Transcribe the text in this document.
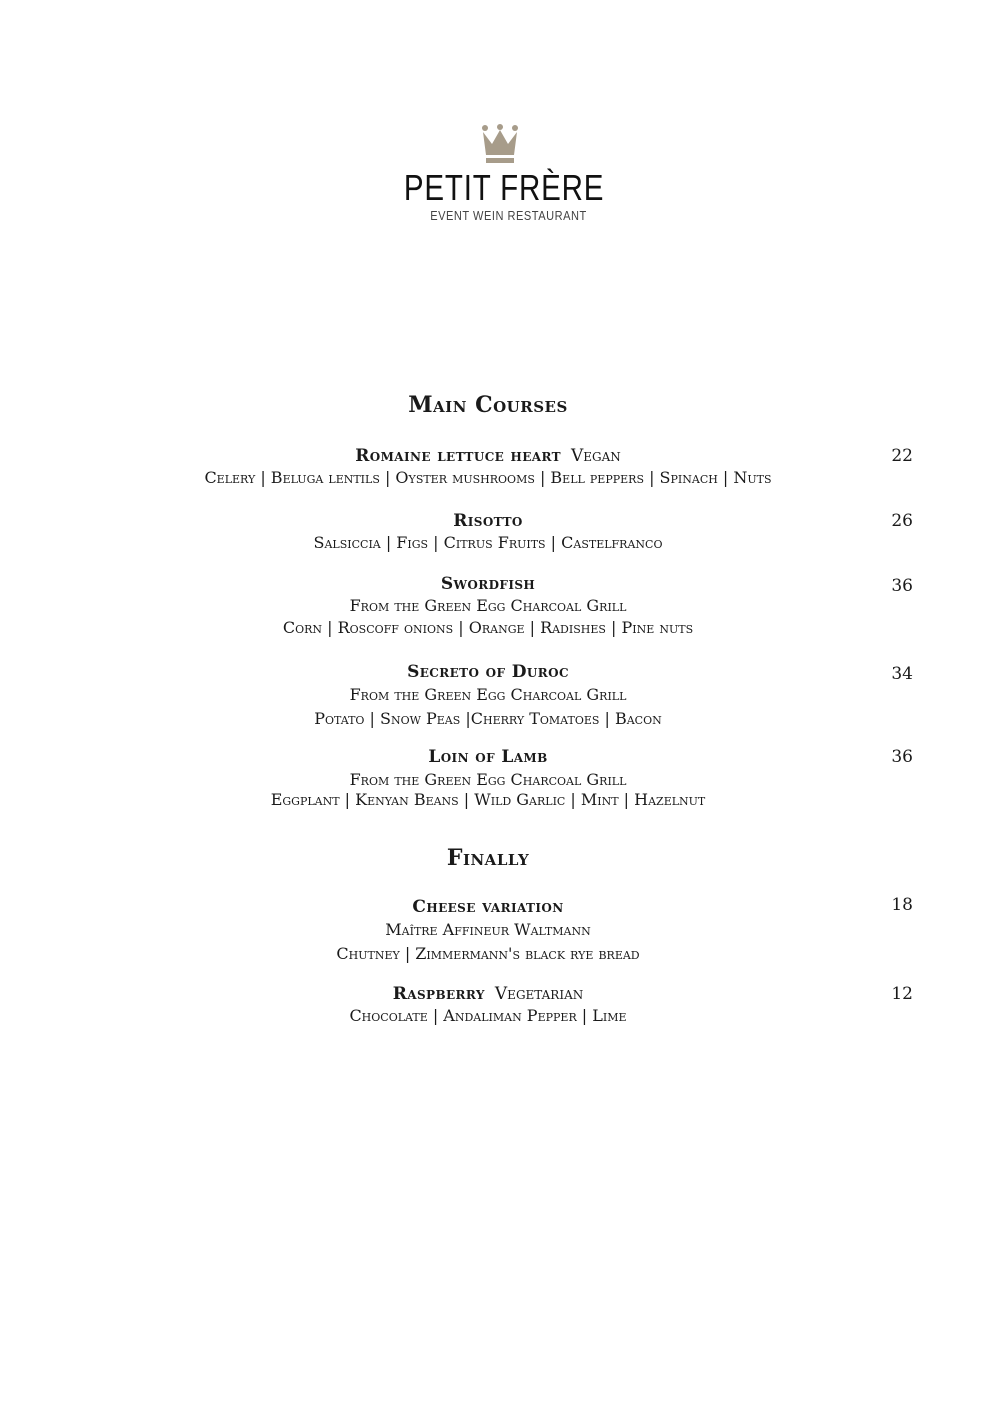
PETIT FRÈRE
EVENT WEIN RESTAURANT
Main Courses
Romaine lettuce heart Vegan
Celery | Beluga lentils | Oyster mushrooms | Bell peppers | Spinach | Nuts
22
Risotto
Salsiccia | Figs | Citrus Fruits | Castelfranco
26
Swordfish
From the Green Egg Charcoal Grill
Corn | Roscoff onions | Orange | Radishes | Pine nuts
36
Secreto of Duroc
From the Green Egg Charcoal Grill
Potato | Snow Peas |Cherry Tomatoes | Bacon
34
Loin of Lamb
From the Green Egg Charcoal Grill
Eggplant | Kenyan Beans | Wild Garlic | Mint | Hazelnut
36
Finally
Cheese variation
Maître Affineur Waltmann
Chutney | Zimmermann's black rye bread
18
Raspberry Vegetarian
Chocolate | Andaliman Pepper | Lime
12
